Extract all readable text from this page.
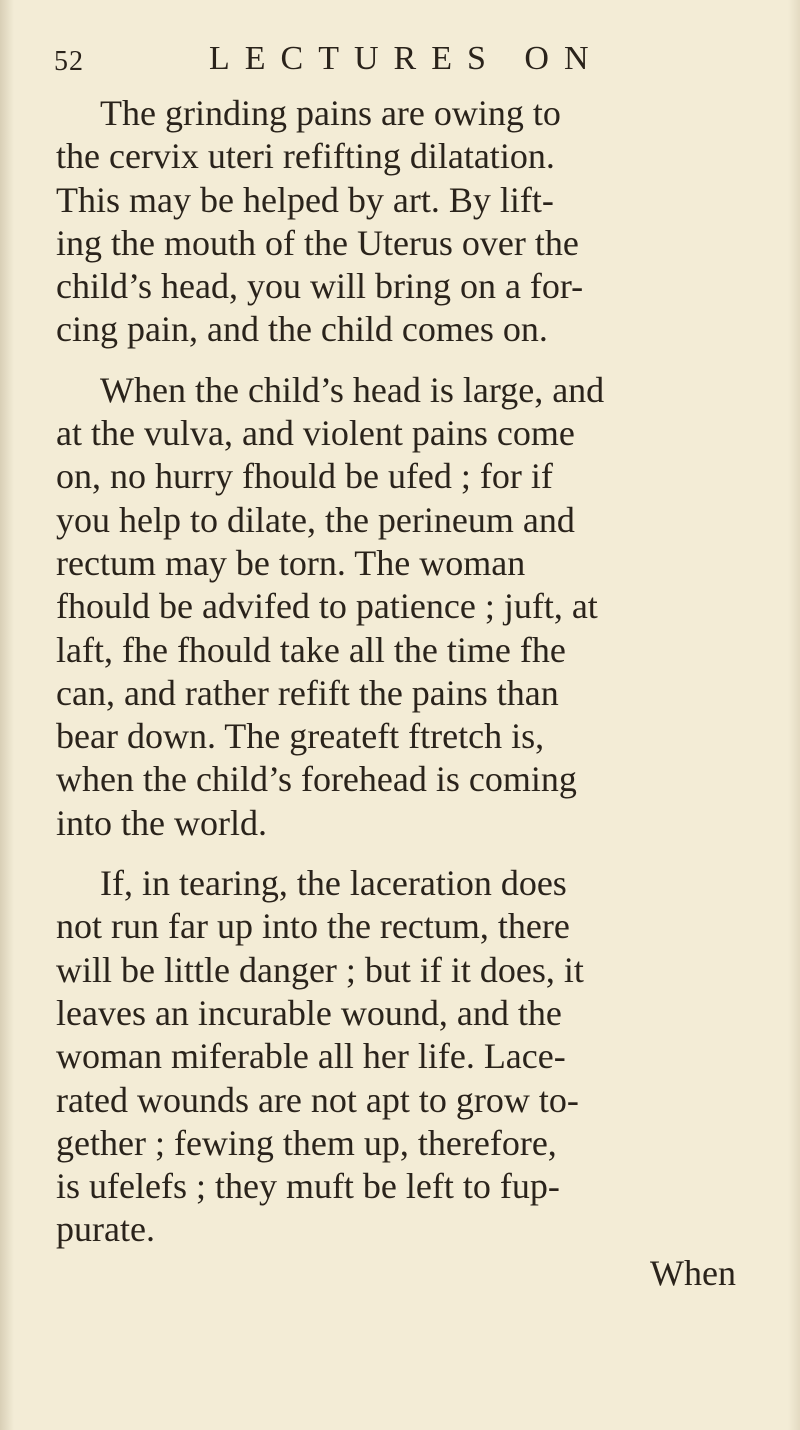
52	LECTURES ON
The grinding pains are owing to
the cervix uteri refifting dilatation.
This may be helped by art. By lift-
ing the mouth of the Uterus over the
child’s head, you will bring on a for-
cing pain, and the child comes on.
When the child’s head is large, and
at the vulva, and violent pains come
on, no hurry fhould be ufed ; for if
you help to dilate, the perineum and
rectum may be torn. The woman
fhould be advifed to patience ; juft, at
laft, fhe fhould take all the time fhe
can, and rather refift the pains than
bear down. The greateft ftretch is,
when the child’s forehead is coming
into the world.
If, in tearing, the laceration does
not run far up into the rectum, there
will be little danger ; but if it does, it
leaves an incurable wound, and the
woman miferable all her life. Lace-
rated wounds are not apt to grow to-
gether ; fewing them up, therefore,
is ufelefs ; they muft be left to fup-
purate.
When
